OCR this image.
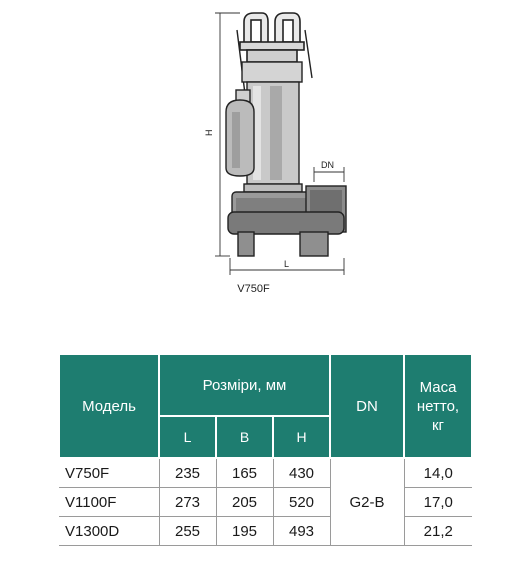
H
DN
L
V750F
Модель	Розміри, мм			DN	Маса
нетто,
кг
	L	B	H		
V750F	235	165	430	G2-B	14,0
V1100F	273	205	520		17,0
V1300D	255	195	493		21,2
